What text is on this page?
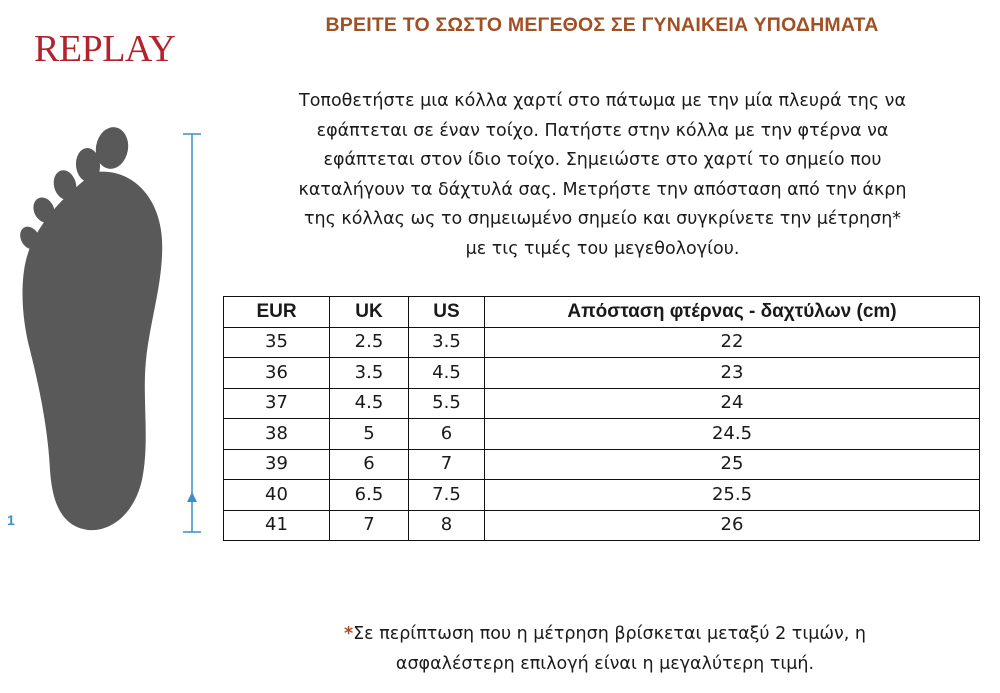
REPLAY
ΒΡΕΙΤΕ ΤΟ ΣΩΣΤΟ ΜΕΓΕΘΟΣ ΣΕ ΓΥΝΑΙΚΕΙΑ ΥΠΟΔΗΜΑΤΑ
Τοποθετήστε μια κόλλα χαρτί στο πάτωμα με την μία πλευρά της να
εφάπτεται σε έναν τοίχο. Πατήστε στην κόλλα με την φτέρνα να
εφάπτεται στον ίδιο τοίχο. Σημειώστε στο χαρτί το σημείο που
καταλήγουν τα δάχτυλά σας. Μετρήστε την απόσταση από την άκρη
της κόλλας ως το σημειωμένο σημείο και συγκρίνετε την μέτρηση*
με τις τιμές του μεγεθολογίου.
1
EUR	UK	US	Απόσταση φτέρνας - δαχτύλων (cm)
35	2.5	3.5	22
36	3.5	4.5	23
37	4.5	5.5	24
38	5	6	24.5
39	6	7	25
40	6.5	7.5	25.5
41	7	8	26
*Σε περίπτωση που η μέτρηση βρίσκεται μεταξύ 2 τιμών, η
ασφαλέστερη επιλογή είναι η μεγαλύτερη τιμή.
